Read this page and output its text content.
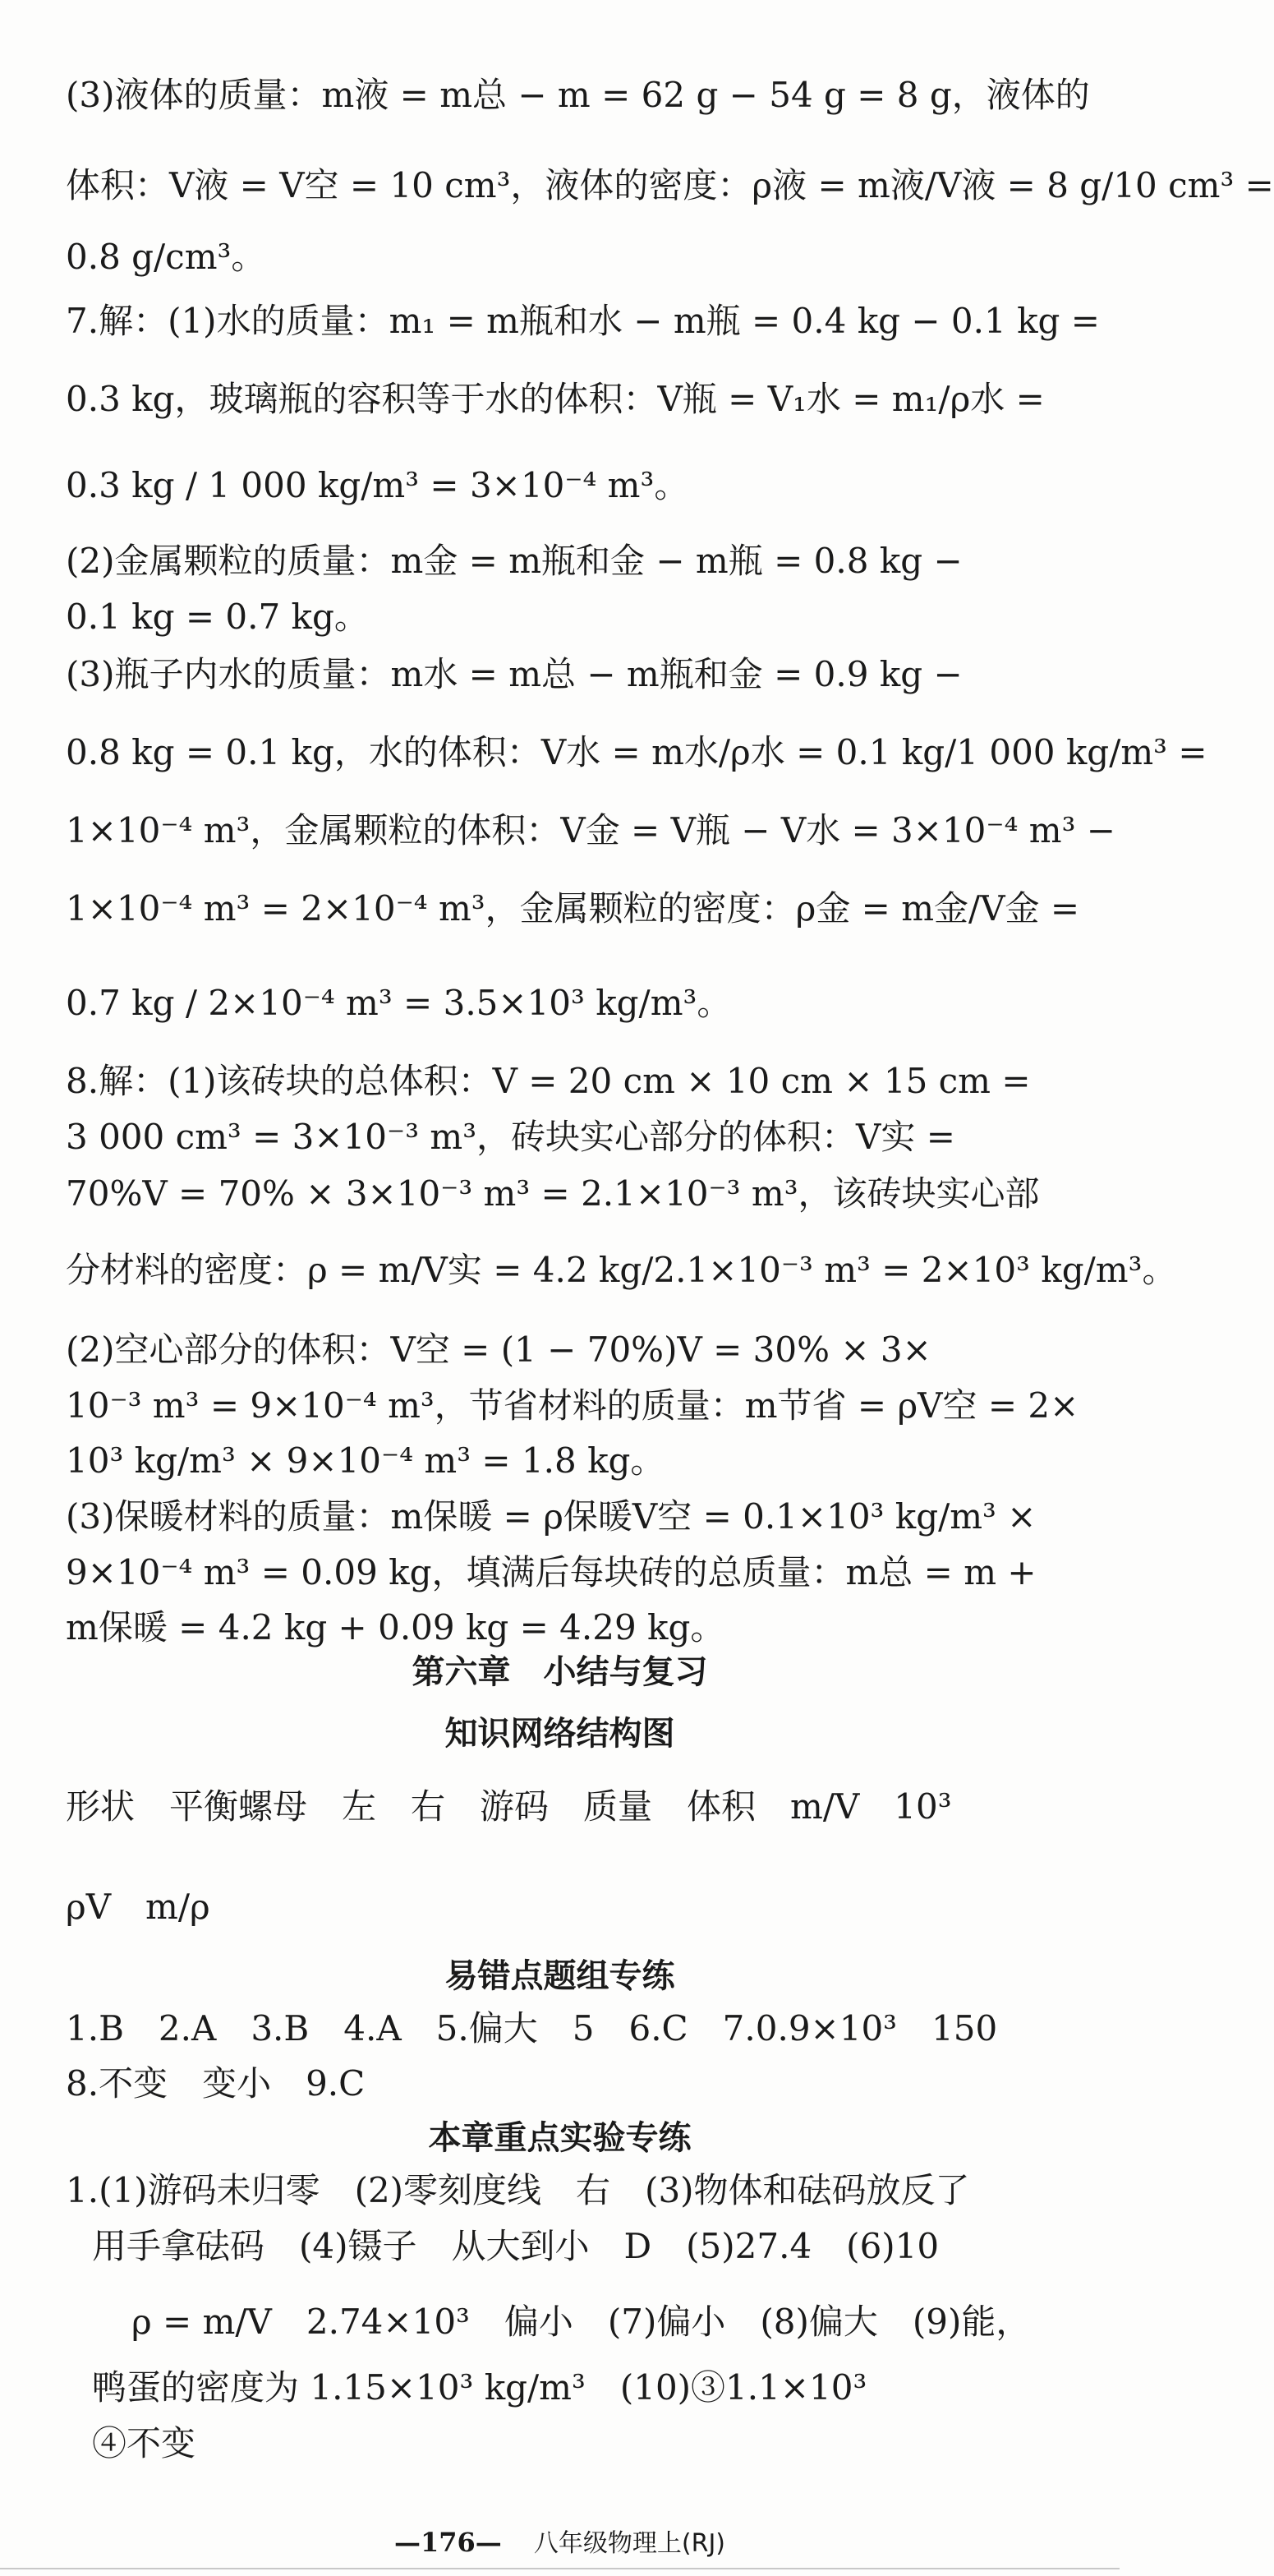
(3)液体的质量：m液 = m总 − m = 62 g − 54 g = 8 g，液体的
体积：V液 = V空 = 10 cm³，液体的密度：ρ液 = m液/V液 = 8 g/10 cm³ =
0.8 g/cm³。
7.解：(1)水的质量：m₁ = m瓶和水 − m瓶 = 0.4 kg − 0.1 kg =
0.3 kg，玻璃瓶的容积等于水的体积：V瓶 = V₁水 = m₁/ρ水 =
0.3 kg / 1 000 kg/m³ = 3×10⁻⁴ m³。
(2)金属颗粒的质量：m金 = m瓶和金 − m瓶 = 0.8 kg −
0.1 kg = 0.7 kg。
(3)瓶子内水的质量：m水 = m总 − m瓶和金 = 0.9 kg −
0.8 kg = 0.1 kg，水的体积：V水 = m水/ρ水 = 0.1 kg/1 000 kg/m³ =
1×10⁻⁴ m³，金属颗粒的体积：V金 = V瓶 − V水 = 3×10⁻⁴ m³ −
1×10⁻⁴ m³ = 2×10⁻⁴ m³，金属颗粒的密度：ρ金 = m金/V金 =
0.7 kg / 2×10⁻⁴ m³ = 3.5×10³ kg/m³。
8.解：(1)该砖块的总体积：V = 20 cm × 10 cm × 15 cm =
3 000 cm³ = 3×10⁻³ m³，砖块实心部分的体积：V实 =
70%V = 70% × 3×10⁻³ m³ = 2.1×10⁻³ m³，该砖块实心部
分材料的密度：ρ = m/V实 = 4.2 kg/2.1×10⁻³ m³ = 2×10³ kg/m³。
(2)空心部分的体积：V空 = (1 − 70%)V = 30% × 3×
10⁻³ m³ = 9×10⁻⁴ m³，节省材料的质量：m节省 = ρV空 = 2×
10³ kg/m³ × 9×10⁻⁴ m³ = 1.8 kg。
(3)保暖材料的质量：m保暖 = ρ保暖V空 = 0.1×10³ kg/m³ ×
9×10⁻⁴ m³ = 0.09 kg，填满后每块砖的总质量：m总 = m +
m保暖 = 4.2 kg + 0.09 kg = 4.29 kg。
第六章　小结与复习
知识网络结构图
形状　平衡螺母　左　右　游码　质量　体积　m/V　10³
ρV　m/ρ
易错点题组专练
1.B　2.A　3.B　4.A　5.偏大　5　6.C　7.0.9×10³　150
8.不变　变小　9.C
本章重点实验专练
1.(1)游码未归零　(2)零刻度线　右　(3)物体和砝码放反了
用手拿砝码　(4)镊子　从大到小　D　(5)27.4　(6)10
ρ = m/V　2.74×10³　偏小　(7)偏小　(8)偏大　(9)能，
鸭蛋的密度为 1.15×10³ kg/m³　(10)③1.1×10³
④不变
—176— 八年级物理上(RJ)
